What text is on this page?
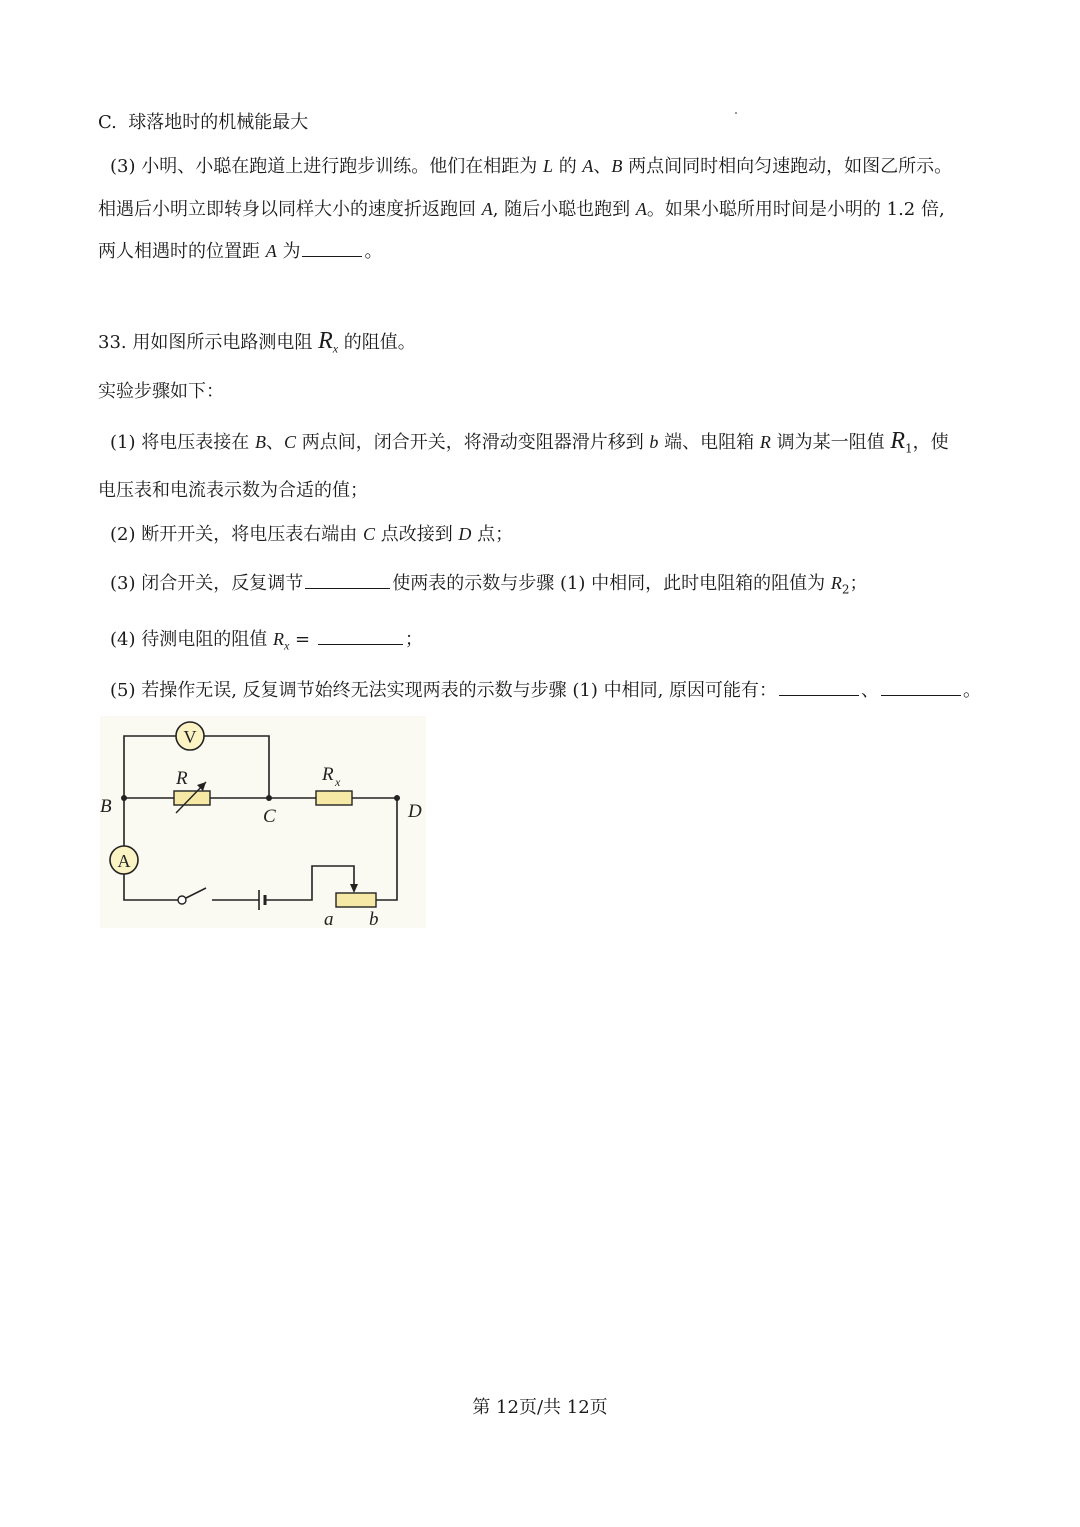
C. 球落地时的机械能最大
(3) 小明、小聪在跑道上进行跑步训练。他们在相距为 L 的 A、B 两点间同时相向匀速跑动，如图乙所示。
相遇后小明立即转身以同样大小的速度折返跑回 A, 随后小聪也跑到 A。如果小聪所用时间是小明的 1.2 倍,
两人相遇时的位置距 A 为	。
33. 用如图所示电路测电阻 $R_x$ 的阻值。
实验步骤如下：
(1) 将电压表接在 B、C 两点间，闭合开关，将滑动变阻器滑片移到 b 端、电阻箱 R 调为某一阻值 $R_1$，使
电压表和电流表示数为合适的值；
(2) 断开开关，将电压表右端由 C 点改接到 D 点；
(3) 闭合开关，反复调节	使两表的示数与步骤 (1) 中相同，此时电阻箱的阻值为 $R_2$；
(4) 待测电阻的阻值 $R_x$ =	；
(5) 若操作无误, 反复调节始终无法实现两表的示数与步骤 (1) 中相同, 原因可能有：	、	。
V
A
R	R x
B	C	D
a b
第 12页/共 12页
